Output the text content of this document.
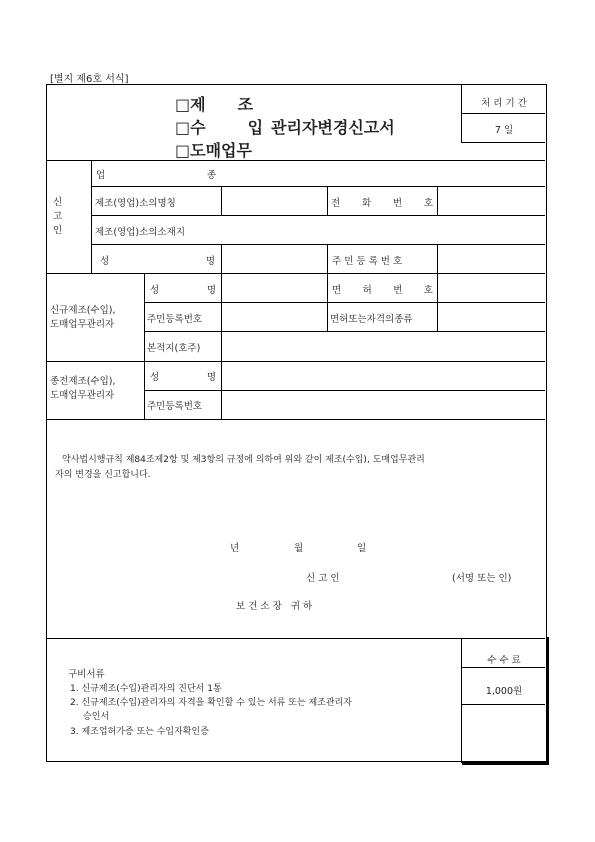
[별지 제6호 서식]
□제 조
□수	입 관리자변경신고서
□도매업무
처 리 기 간
7 일
신
고
인
업	종
제조(영업)소의명칭	전 화 번 호
제조(영업)소의소재지
성	명	주 민 등 록 번 호
신규제조(수입),
도매업무관리자
성	명	면 허 번 호
주민등록번호	면허또는자격의종류
본적지(호주)
종전제조(수입),
도매업무관리자
성	명
주민등록번호
약사법시행규칙 제84조제2항 및 제3항의 규정에 의하여 위와 같이 제조(수입), 도매업무관리
자의 변경을 신고합니다.
년	월	일
신 고 인	(서명 또는 인)
보 건 소 장   귀 하
구비서류
1. 신규제조(수입)관리자의 진단서 1통
2. 신규제조(수입)관리자의 자격을 확인할 수 있는 서류 또는 제조관리자
승인서
3. 제조업허가증 또는 수입자확인증
수 수 료
1,000원
